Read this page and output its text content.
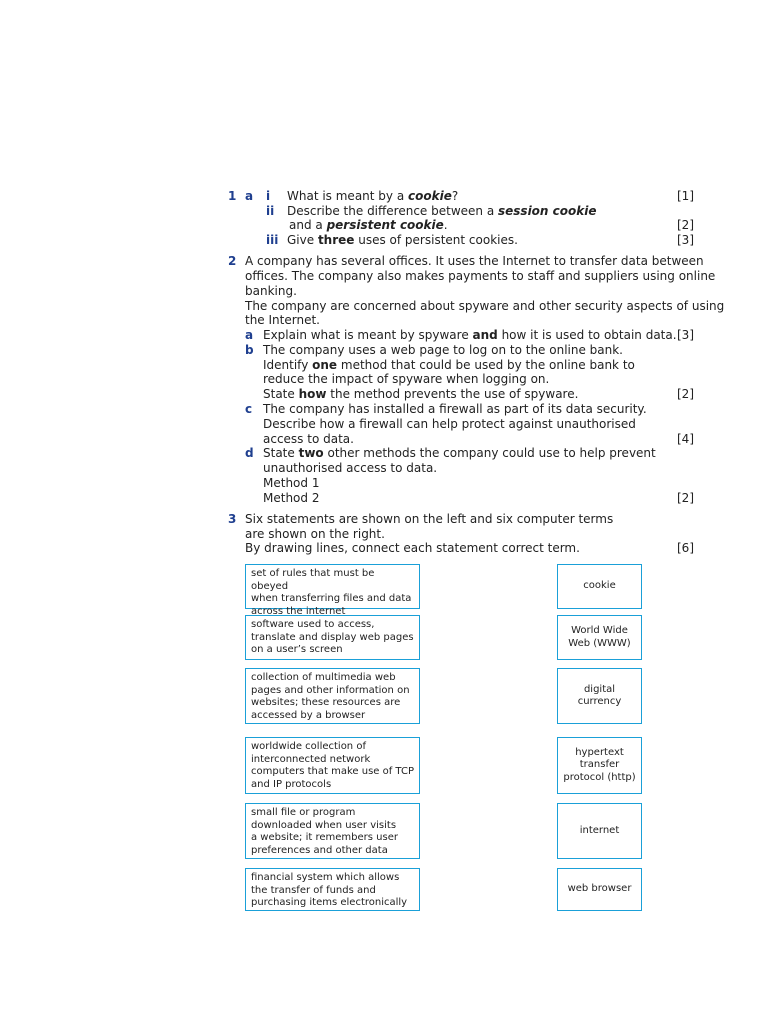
1 a i What is meant by a cookie?	[1]
ii Describe the difference between a session cookie
and a persistent cookie.	[2]
iii Give three uses of persistent cookies.	[3]
2 A company has several offices. It uses the Internet to transfer data between
offices. The company also makes payments to staff and suppliers using online
banking.
The company are concerned about spyware and other security aspects of using
the Internet.
a Explain what is meant by spyware and how it is used to obtain data. [3]
b The company uses a web page to log on to the online bank.
Identify one method that could be used by the online bank to
reduce the impact of spyware when logging on.
State how the method prevents the use of spyware.	[2]
c The company has installed a firewall as part of its data security.
Describe how a firewall can help protect against unauthorised
access to data.	[4]
d State two other methods the company could use to help prevent
unauthorised access to data.
Method 1
Method 2	[2]
3 Six statements are shown on the left and six computer terms
are shown on the right.
By drawing lines, connect each statement correct term.	[6]
set of rules that must be obeyed
when transferring files and data
across the internet
software used to access,
translate and display web pages
on a user’s screen
collection of multimedia web
pages and other information on
websites; these resources are
accessed by a browser
worldwide collection of
interconnected network
computers that make use of TCP
and IP protocols
small file or program
downloaded when user visits
a website; it remembers user
preferences and other data
financial system which allows
the transfer of funds and
purchasing items electronically
cookie
World Wide
Web (WWW)
digital
currency
hypertext
transfer
protocol (http)
internet
web browser
